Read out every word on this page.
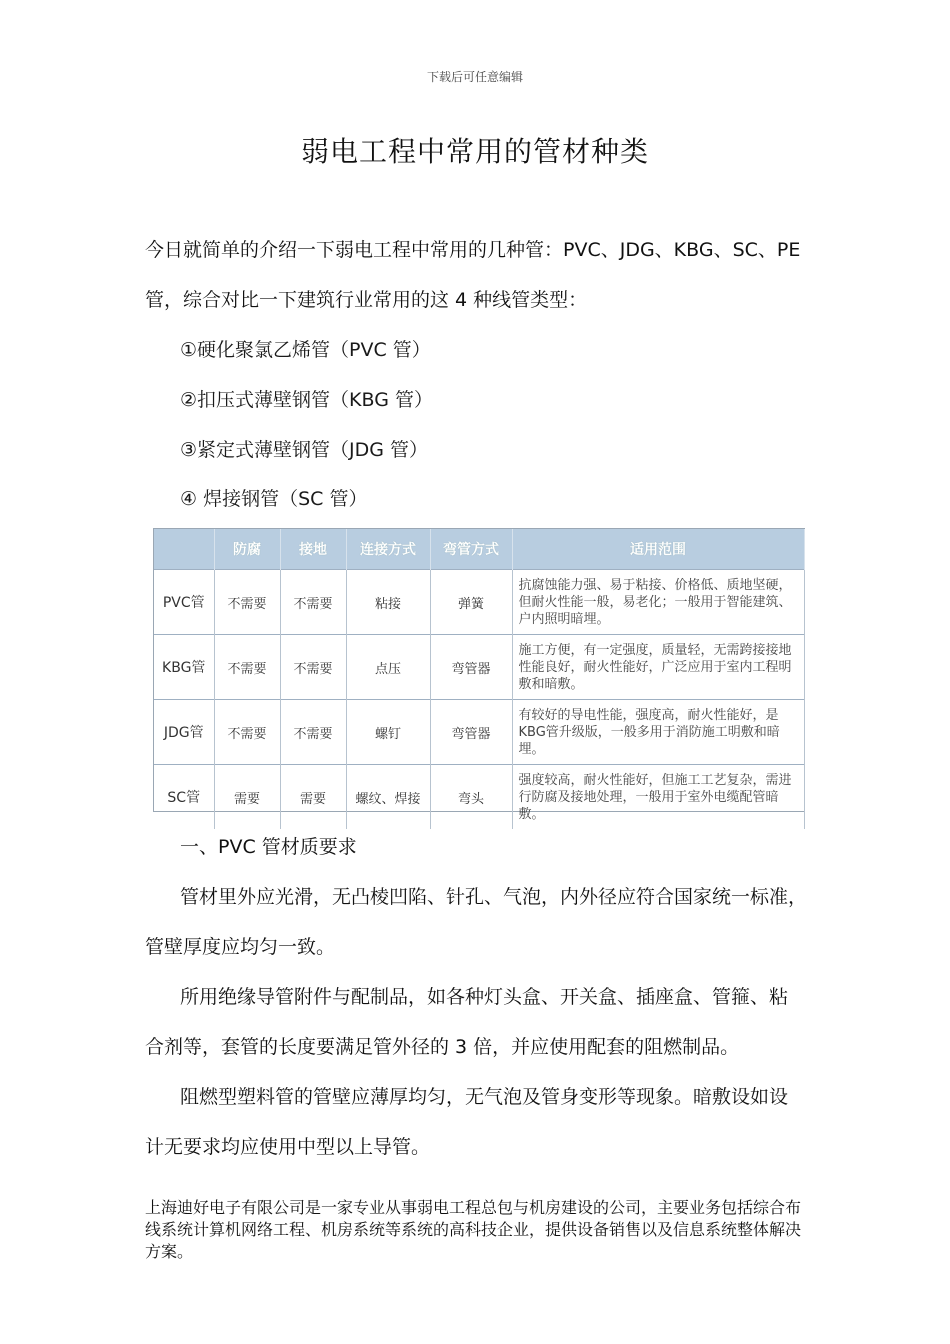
下载后可任意编辑
弱电工程中常用的管材种类
今日就简单的介绍一下弱电工程中常用的几种管：PVC、JDG、KBG、SC、PE
管，综合对比一下建筑行业常用的这 4 种线管类型：
①硬化聚氯乙烯管（PVC 管）
②扣压式薄壁钢管（KBG 管）
③紧定式薄壁钢管（JDG 管）
④ 焊接钢管（SC 管）
	防腐	接地	连接方式	弯管方式	适用范围
PVC管	不需要	不需要	粘接	弹簧	抗腐蚀能力强、易于粘接、价格低、质地坚硬，但耐火性能一般，易老化；一般用于智能建筑、户内照明暗埋。
KBG管	不需要	不需要	点压	弯管器	施工方便，有一定强度，质量轻，无需跨接接地性能良好，耐火性能好，广泛应用于室内工程明敷和暗敷。
JDG管	不需要	不需要	螺钉	弯管器	有较好的导电性能，强度高，耐火性能好，是KBG管升级版，一般多用于消防施工明敷和暗埋。
SC管	需要	需要	螺纹、焊接	弯头	强度较高，耐火性能好，但施工工艺复杂，需进行防腐及接地处理，一般用于室外电缆配管暗敷。
一、PVC 管材质要求
管材里外应光滑，无凸棱凹陷、针孔、气泡，内外径应符合国家统一标准，
管壁厚度应均匀一致。
所用绝缘导管附件与配制品，如各种灯头盒、开关盒、插座盒、管箍、粘
合剂等，套管的长度要满足管外径的 3 倍，并应使用配套的阻燃制品。
阻燃型塑料管的管壁应薄厚均匀，无气泡及管身变形等现象。暗敷设如设
计无要求均应使用中型以上导管。
上海迪好电子有限公司是一家专业从事弱电工程总包与机房建设的公司，主要业务包括综合布线系统计算机网络工程、机房系统等系统的高科技企业，提供设备销售以及信息系统整体解决方案。
